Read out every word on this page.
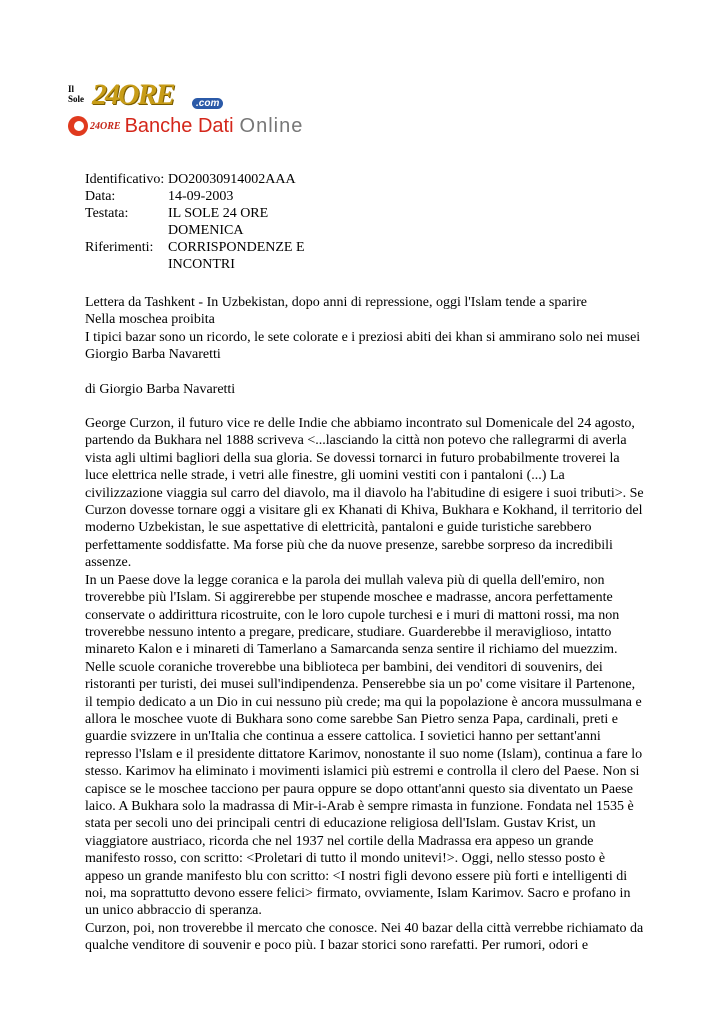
Il Sole 24ORE	.com
24ORE Banche Dati Online
Identificativo: DO20030914002AAA
Data:	14-09-2003
Testata:	IL SOLE 24 ORE DOMENICA
Riferimenti:	CORRISPONDENZE E INCONTRI

Lettera da Tashkent - In Uzbekistan, dopo anni di repressione, oggi l'Islam tende a sparire

Nella moschea proibita

I tipici bazar sono un ricordo, le sete colorate e i preziosi abiti dei khan si ammirano solo nei musei

Giorgio Barba Navaretti

di Giorgio Barba Navaretti

George Curzon, il futuro vice re delle Indie che abbiamo incontrato sul Domenicale del 24 agosto, partendo da Bukhara nel 1888 scriveva <...lasciando la città non potevo che rallegrarmi di averla vista agli ultimi bagliori della sua gloria. Se dovessi tornarci in futuro probabilmente troverei la luce elettrica nelle strade, i vetri alle finestre, gli uomini vestiti con i pantaloni (...) La civilizzazione viaggia sul carro del diavolo, ma il diavolo ha l'abitudine di esigere i suoi tributi>. Se Curzon dovesse tornare oggi a visitare gli ex Khanati di Khiva, Bukhara e Kokhand, il territorio del moderno Uzbekistan, le sue aspettative di elettricità, pantaloni e guide turistiche sarebbero perfettamente soddisfatte. Ma forse più che da nuove presenze, sarebbe sorpreso da incredibili assenze.

In un Paese dove la legge coranica e la parola dei mullah valeva più di quella dell'emiro, non troverebbe più l'Islam. Si aggirerebbe per stupende moschee e madrasse, ancora perfettamente conservate o addirittura ricostruite, con le loro cupole turchesi e i muri di mattoni rossi, ma non troverebbe nessuno intento a pregare, predicare, studiare. Guarderebbe il meraviglioso, intatto minareto Kalon e i minareti di Tamerlano a Samarcanda senza sentire il richiamo del muezzim. Nelle scuole coraniche troverebbe una biblioteca per bambini, dei venditori di souvenirs, dei ristoranti per turisti, dei musei sull'indipendenza. Penserebbe sia un po' come visitare il Partenone, il tempio dedicato a un Dio in cui nessuno più crede; ma qui la popolazione è ancora mussulmana e allora le moschee vuote di Bukhara sono come sarebbe San Pietro senza Papa, cardinali, preti e guardie svizzere in un'Italia che continua a essere cattolica. I sovietici hanno per settant'anni represso l'Islam e il presidente dittatore Karimov, nonostante il suo nome (Islam), continua a fare lo stesso. Karimov ha eliminato i movimenti islamici più estremi e controlla il clero del Paese. Non si capisce se le moschee tacciono per paura oppure se dopo ottant'anni questo sia diventato un Paese laico. A Bukhara solo la madrassa di Mir-i-Arab è sempre rimasta in funzione. Fondata nel 1535 è stata per secoli uno dei principali centri di educazione religiosa dell'Islam. Gustav Krist, un viaggiatore austriaco, ricorda che nel 1937 nel cortile della Madrassa era appeso un grande manifesto rosso, con scritto: <Proletari di tutto il mondo unitevi!>. Oggi, nello stesso posto è appeso un grande manifesto blu con scritto: <I nostri figli devono essere più forti e intelligenti di noi, ma soprattutto devono essere felici> firmato, ovviamente, Islam Karimov. Sacro e profano in un unico abbraccio di speranza.

Curzon, poi, non troverebbe il mercato che conosce. Nei 40 bazar della città verrebbe richiamato da qualche venditore di souvenir e poco più. I bazar storici sono rarefatti. Per rumori, odori e
